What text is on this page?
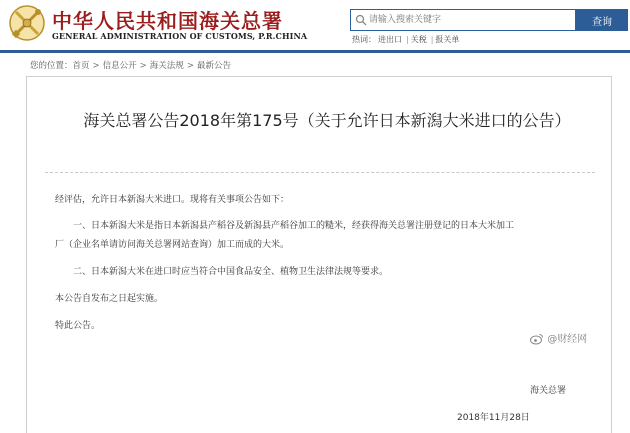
中华人民共和国海关总署
GENERAL ADMINISTRATION OF CUSTOMS, P.R.CHINA
请输入搜索关键字
查询
热词： 进出口 | 关税 | 报关单
您的位置：首页 > 信息公开 > 海关法规 > 最新公告
海关总署公告2018年第175号（关于允许日本新潟大米进口的公告）
经评估，允许日本新潟大米进口。现将有关事项公告如下：
一、日本新潟大米是指日本新潟县产稻谷及新潟县产稻谷加工的糙米，经获得海关总署注册登记的日本大米加工
厂（企业名单请访问海关总署网站查询）加工而成的大米。
二、日本新潟大米在进口时应当符合中国食品安全、植物卫生法律法规等要求。
本公告自发布之日起实施。
特此公告。
海关总署
2018年11月28日
@财经网
